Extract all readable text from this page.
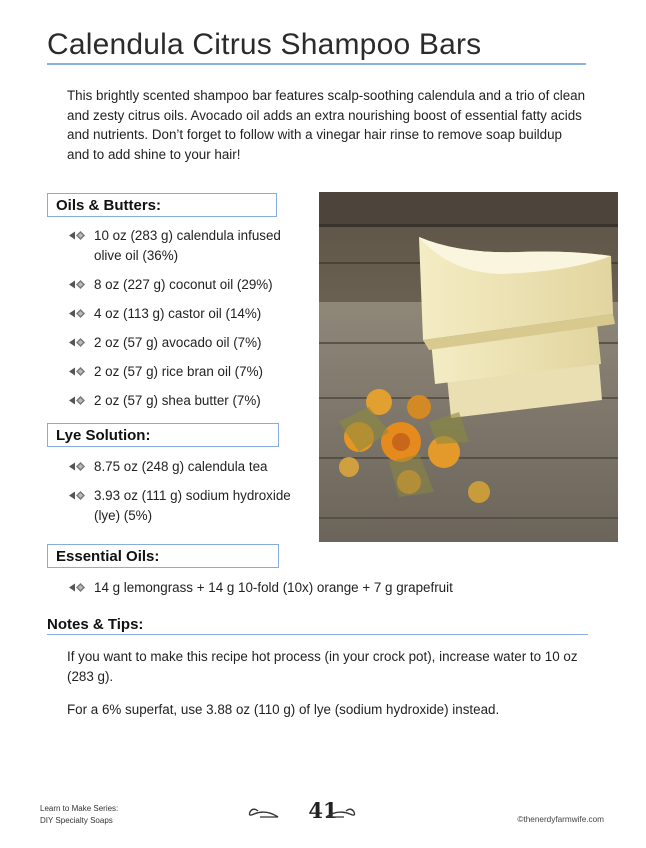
Calendula Citrus Shampoo Bars

This brightly scented shampoo bar features scalp-soothing calendula and a trio of clean and zesty citrus oils. Avocado oil adds an extra nourishing boost of essential fatty acids and nutrients. Don’t forget to follow with a vinegar hair rinse to remove soap buildup and to add shine to your hair!

Oils & Butters:
10 oz (283 g) calendula infused olive oil (36%)
8 oz (227 g) coconut oil (29%)
4 oz (113 g) castor oil (14%)
2 oz (57 g) avocado oil (7%)
2 oz (57 g) rice bran oil (7%)
2 oz (57 g) shea butter (7%)
Lye Solution:
8.75 oz (248 g) calendula tea
3.93 oz (111 g) sodium hydroxide (lye) (5%)
Essential Oils:
14 g lemongrass + 14 g 10-fold (10x) orange + 7 g grapefruit
Notes & Tips:

If you want to make this recipe hot process (in your crock pot), increase water to 10 oz (283 g).

For a 6% superfat, use 3.88 oz (110 g) of lye (sodium hydroxide) instead.

Learn to Make Series:
DIY Specialty Soaps	41	©thenerdyfarmwife.com
